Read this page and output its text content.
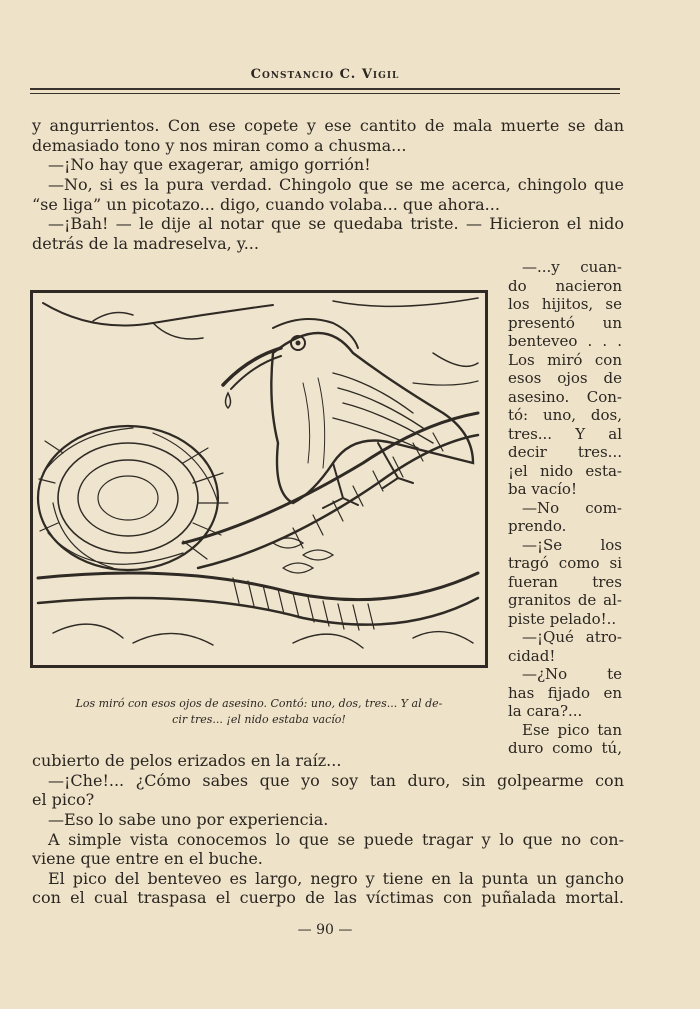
Constancio C. Vigil
y angurrientos. Con ese copete y ese cantito de mala muerte se dan
demasiado tono y nos miran como a chusma...
—¡No hay que exagerar, amigo gorrión!
—No, si es la pura verdad. Chingolo que se me acerca, chingolo que
“se liga” un picotazo... digo, cuando volaba... que ahora...
—¡Bah! — le dije al notar que se quedaba triste. — Hicieron el nido
detrás de la madreselva, y...
—...y cuan-
do nacieron
los hijitos, se
presentó un
benteveo . . .
Los miró con
esos ojos de
asesino. Con-
tó: uno, dos,
tres... Y al
decir tres...
¡el nido esta-
ba vacío!
—No com-
prendo.
—¡Se los
tragó como si
fueran tres
granitos de al-
piste pelado!..
—¡Qué atro-
cidad!
—¿No te
has fijado en
la cara?...
Ese pico tan
duro como tú,
Los miró con esos ojos de asesino. Contó: uno, dos, tres... Y al de-
cir tres... ¡el nido estaba vacío!
cubierto de pelos erizados en la raíz...
—¡Che!... ¿Cómo sabes que yo soy tan duro, sin golpearme con
el pico?
—Eso lo sabe uno por experiencia.
A simple vista conocemos lo que se puede tragar y lo que no con-
viene que entre en el buche.
El pico del benteveo es largo, negro y tiene en la punta un gancho
con el cual traspasa el cuerpo de las víctimas con puñalada mortal.
— 90 —
